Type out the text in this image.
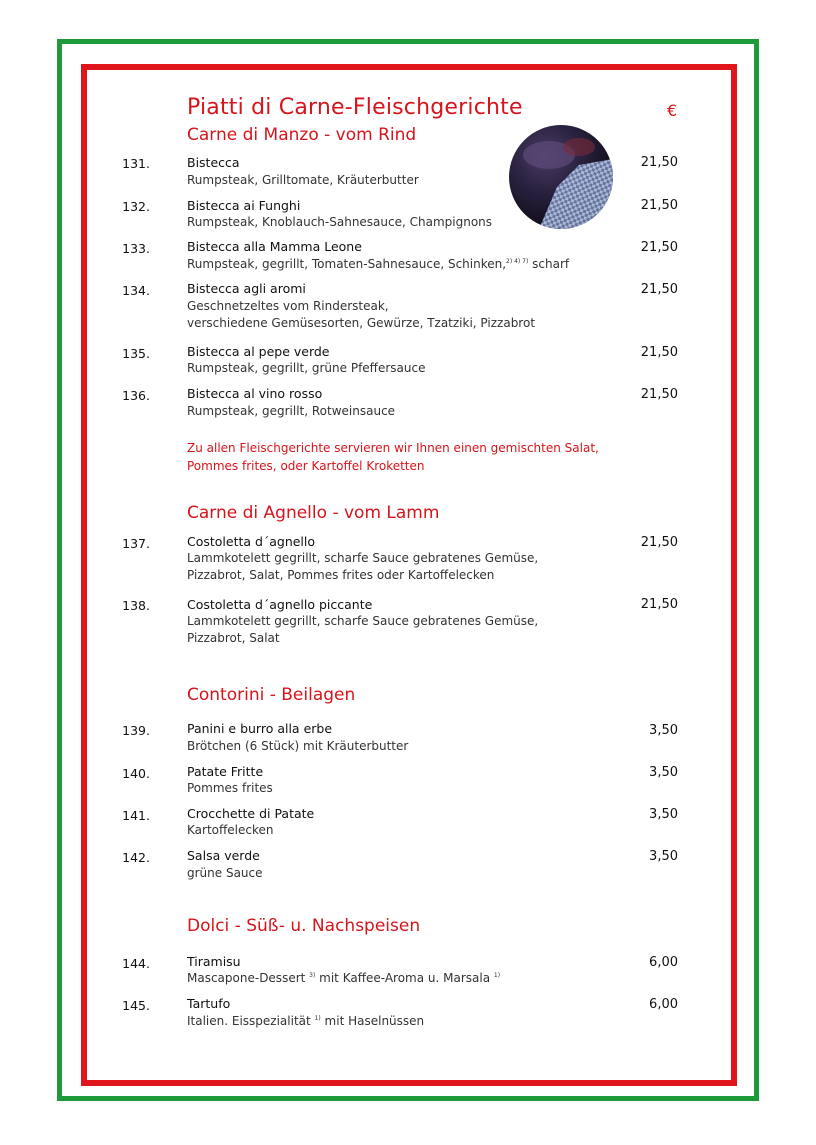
Piatti di Carne-Fleischgerichte	€
Carne di Manzo - vom Rind
131.	Bistecca
Rumpsteak, Grilltomate, Kräuterbutter
21,50
132.	Bistecca ai Funghi
Rumpsteak, Knoblauch-Sahnesauce, Champignons
21,50
133.	Bistecca alla Mamma Leone
Rumpsteak, gegrillt, Tomaten-Sahnesauce, Schinken,$^{2) 4) 7)}$ scharf
21,50
134.	Bistecca agli aromi
Geschnetzeltes vom Rindersteak,
verschiedene Gemüsesorten, Gewürze, Tzatziki, Pizzabrot
21,50
135.	Bistecca al pepe verde
Rumpsteak, gegrillt, grüne Pfeffersauce
21,50
136.	Bistecca al vino rosso
Rumpsteak, gegrillt, Rotweinsauce
21,50
Zu allen Fleischgerichte servieren wir Ihnen einen gemischten Salat,
Pommes frites, oder Kartoffel Kroketten
Carne di Agnello - vom Lamm
137.	Costoletta d´agnello
Lammkotelett gegrillt, scharfe Sauce gebratenes Gemüse,
Pizzabrot, Salat, Pommes frites oder Kartoffelecken
21,50
138.	Costoletta d´agnello piccante
Lammkotelett gegrillt, scharfe Sauce gebratenes Gemüse,
Pizzabrot, Salat
21,50
Contorini - Beilagen
139.	Panini e burro alla erbe
Brötchen (6 Stück) mit Kräuterbutter
3,50
140.	Patate Fritte
Pommes frites
3,50
141.	Crocchette di Patate
Kartoffelecken
3,50
142.	Salsa verde
grüne Sauce
3,50
Dolci - Süß- u. Nachspeisen
144.	Tiramisu
Mascapone-Dessert $^{3)}$ mit Kaffee-Aroma u. Marsala $^{1)}$
6,00
145.	Tartufo
Italien. Eisspezialität $^{1)}$ mit Haselnüssen
6,00
